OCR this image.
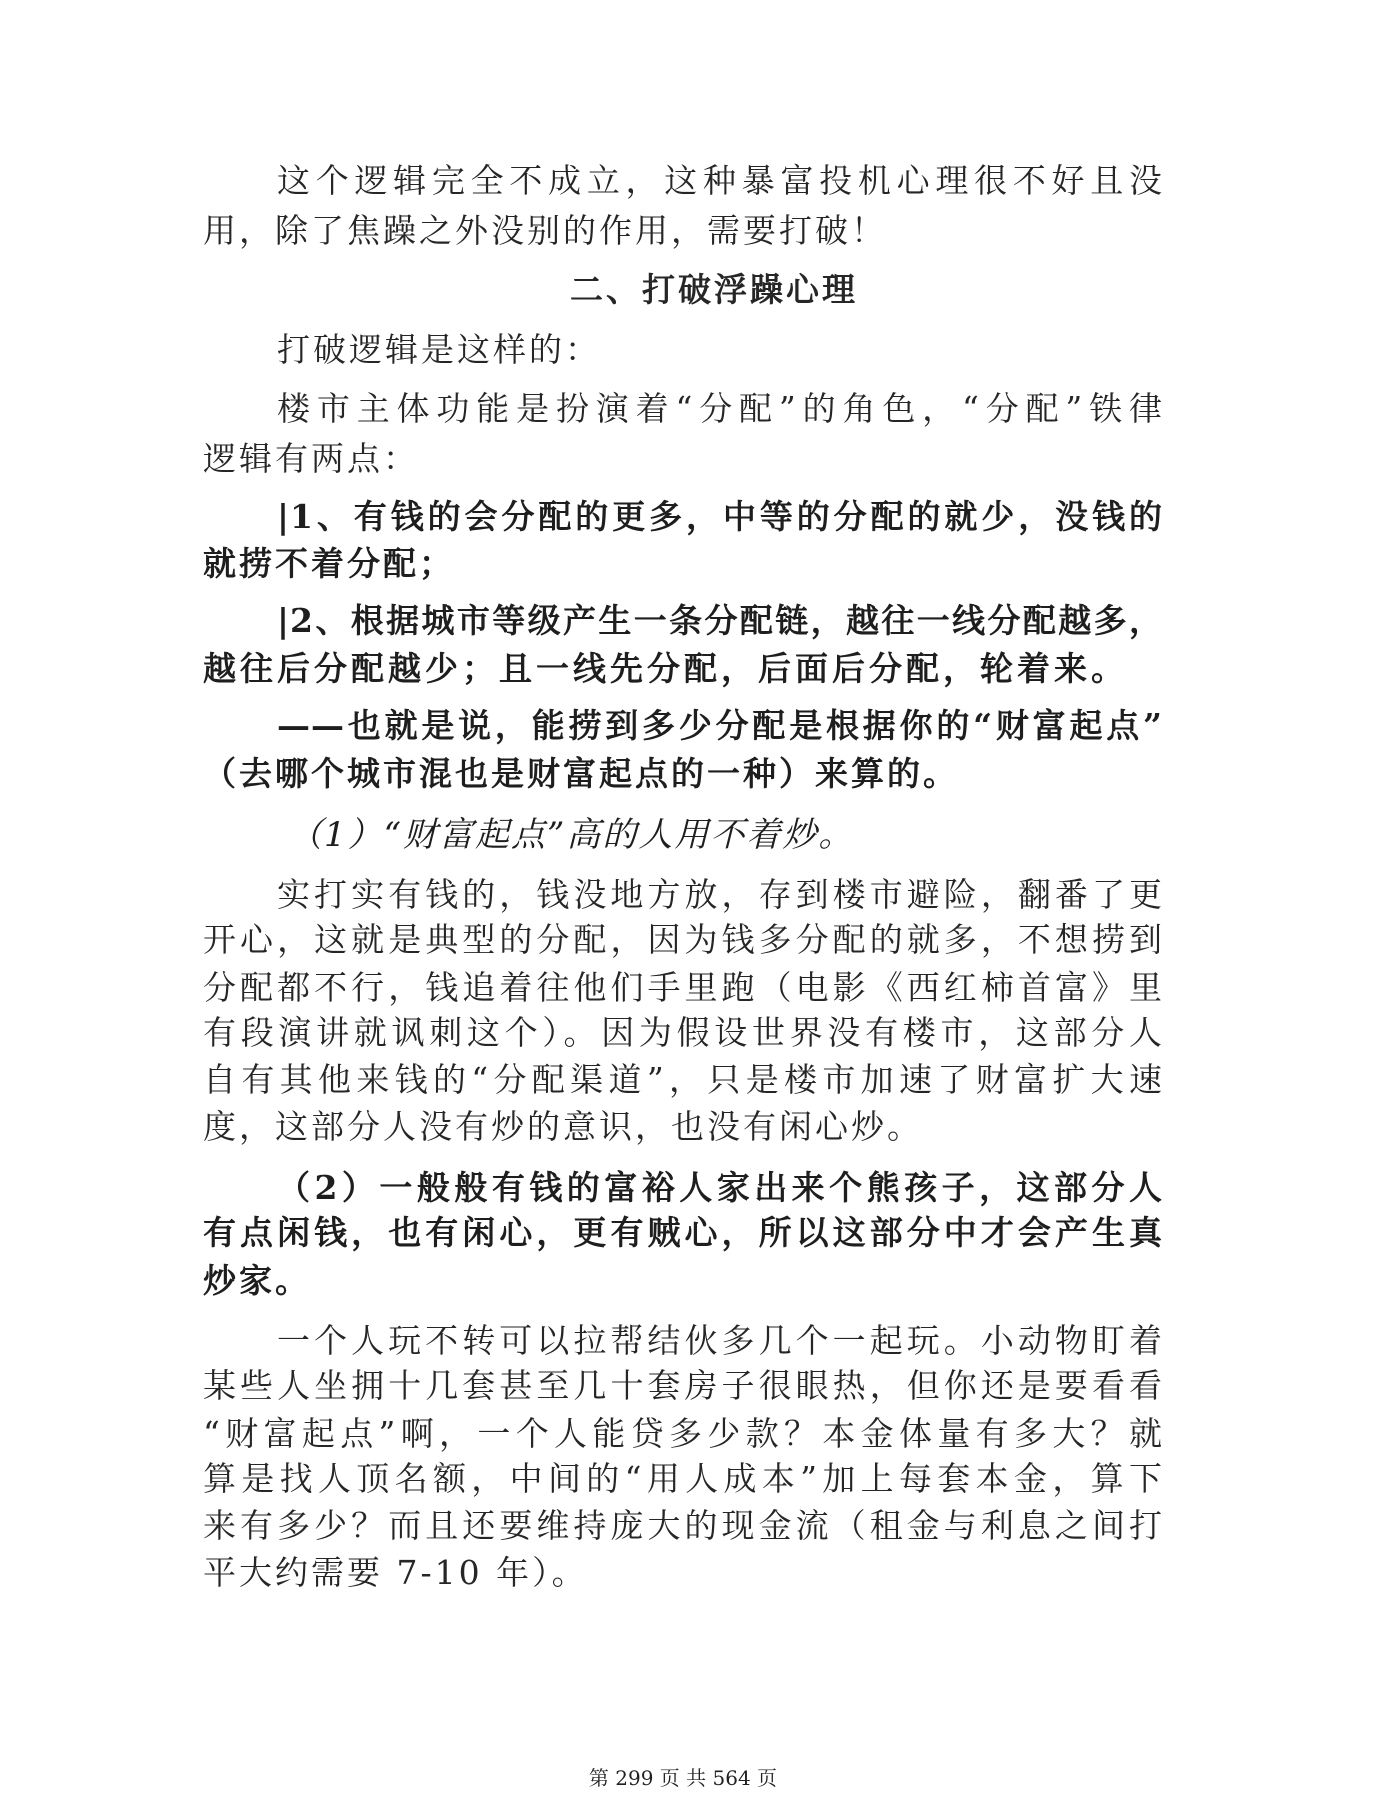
这个逻辑完全不成立，这种暴富投机心理很不好且没
用，除了焦躁之外没别的作用，需要打破！
二、打破浮躁心理
打破逻辑是这样的：
楼市主体功能是扮演着“分配”的角色，“分配”铁律
逻辑有两点：
|1、有钱的会分配的更多，中等的分配的就少，没钱的
就捞不着分配；
|2、根据城市等级产生一条分配链，越往一线分配越多，
越往后分配越少；且一线先分配，后面后分配，轮着来。
——也就是说，能捞到多少分配是根据你的“财富起点”
（去哪个城市混也是财富起点的一种）来算的。
（1）“财富起点”高的人用不着炒。
实打实有钱的，钱没地方放，存到楼市避险，翻番了更
开心，这就是典型的分配，因为钱多分配的就多，不想捞到
分配都不行，钱追着往他们手里跑（电影《西红柿首富》里
有段演讲就讽刺这个）。因为假设世界没有楼市，这部分人
自有其他来钱的“分配渠道”，只是楼市加速了财富扩大速
度，这部分人没有炒的意识，也没有闲心炒。
（2）一般般有钱的富裕人家出来个熊孩子，这部分人
有点闲钱，也有闲心，更有贼心，所以这部分中才会产生真
炒家。
一个人玩不转可以拉帮结伙多几个一起玩。小动物盯着
某些人坐拥十几套甚至几十套房子很眼热，但你还是要看看
“财富起点”啊，一个人能贷多少款？本金体量有多大？就
算是找人顶名额，中间的“用人成本”加上每套本金，算下
来有多少？而且还要维持庞大的现金流（租金与利息之间打
平大约需要 7-10 年）。
第 299 页 共 564 页
